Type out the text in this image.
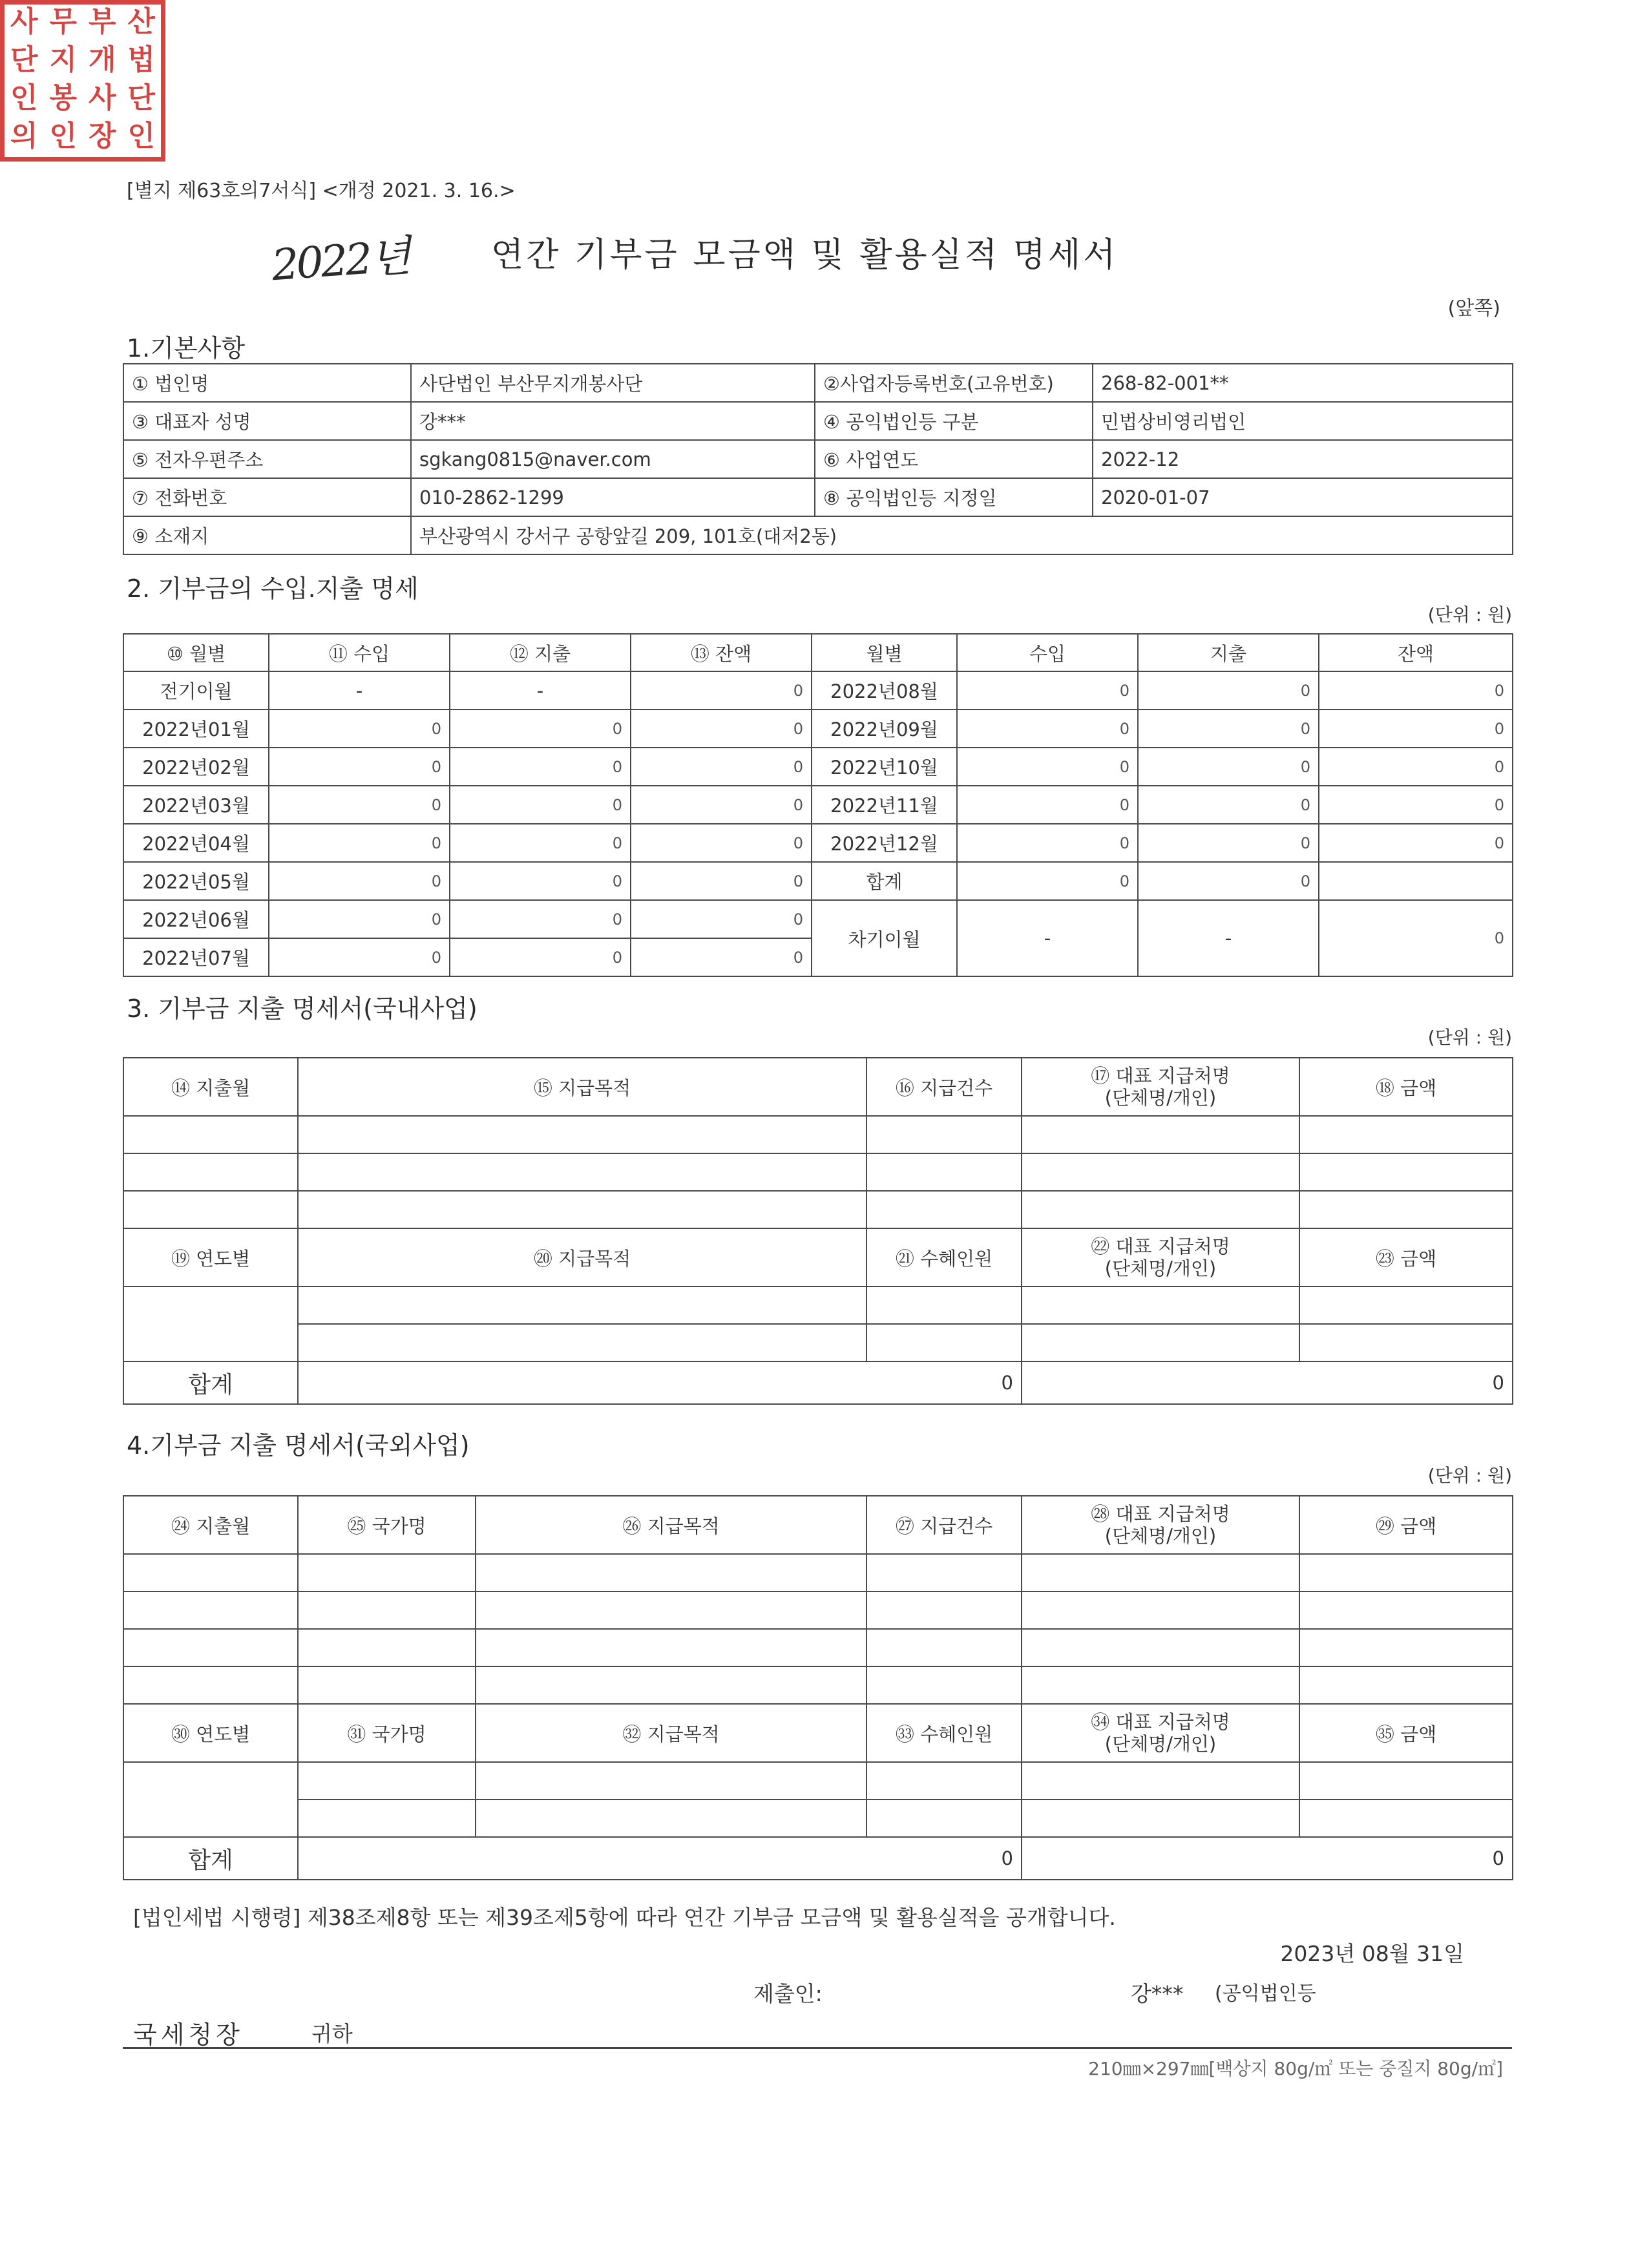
[별지 제63호의7서식] <개정 2021. 3. 16.>
2022년 연간 기부금 모금액 및 활용실적 명세서
(앞쪽)
1.기본사항
① 법인명	사단법인 부산무지개봉사단	②사업자등록번호(고유번호)	268-82-001**
③ 대표자 성명	강***	④ 공익법인등 구분	민법상비영리법인
⑤ 전자우편주소	sgkang0815@naver.com	⑥ 사업연도	2022-12
⑦ 전화번호	010-2862-1299	⑧ 공익법인등 지정일	2020-01-07
⑨ 소재지	부산광역시 강서구 공항앞길 209, 101호(대저2동)		
2. 기부금의 수입.지출 명세
(단위 : 원)
⑩ 월별	⑪ 수입	⑫ 지출	⑬ 잔액	월별	수입	지출	잔액
전기이월	-	-	0	2022년08월	0	0	0
2022년01월	0	0	0	2022년09월	0	0	0
2022년02월	0	0	0	2022년10월	0	0	0
2022년03월	0	0	0	2022년11월	0	0	0
2022년04월	0	0	0	2022년12월	0	0	0
2022년05월	0	0	0	합계	0	0	
2022년06월	0	0	0	차기이월	-	-	0
2022년07월	0	0	0				
3. 기부금 지출 명세서(국내사업)
(단위 : 원)
⑭ 지출월	⑮ 지급목적	⑯ 지급건수	⑰ 대표 지급처명
(단체명/개인)	⑱ 금액

⑲ 연도별	⑳ 지급목적	㉑ 수혜인원	㉒ 대표 지급처명
(단체명/개인)	㉓ 금액

합계	0		0	
4.기부금 지출 명세서(국외사업)
(단위 : 원)
㉔ 지출월	㉕ 국가명	㉖ 지급목적	㉗ 지급건수	㉘ 대표 지급처명
(단체명/개인)	㉙ 금액

㉚ 연도별	㉛ 국가명	㉜ 지급목적	㉝ 수혜인원	㉞ 대표 지급처명
(단체명/개인)	㉟ 금액

합계	0			0	
[법인세법 시행령] 제38조제8항 또는 제39조제5항에 따라 연간 기부금 모금액 및 활용실적을 공개합니다.
2023년 08월 31일
제출인:	강*** (공익법인등
국세청장	귀하
210㎜×297㎜[백상지 80g/㎡ 또는 중질지 80g/㎡]
사 무 부 산
단 지 개 법
인 봉 사 단
의 인 장 인
